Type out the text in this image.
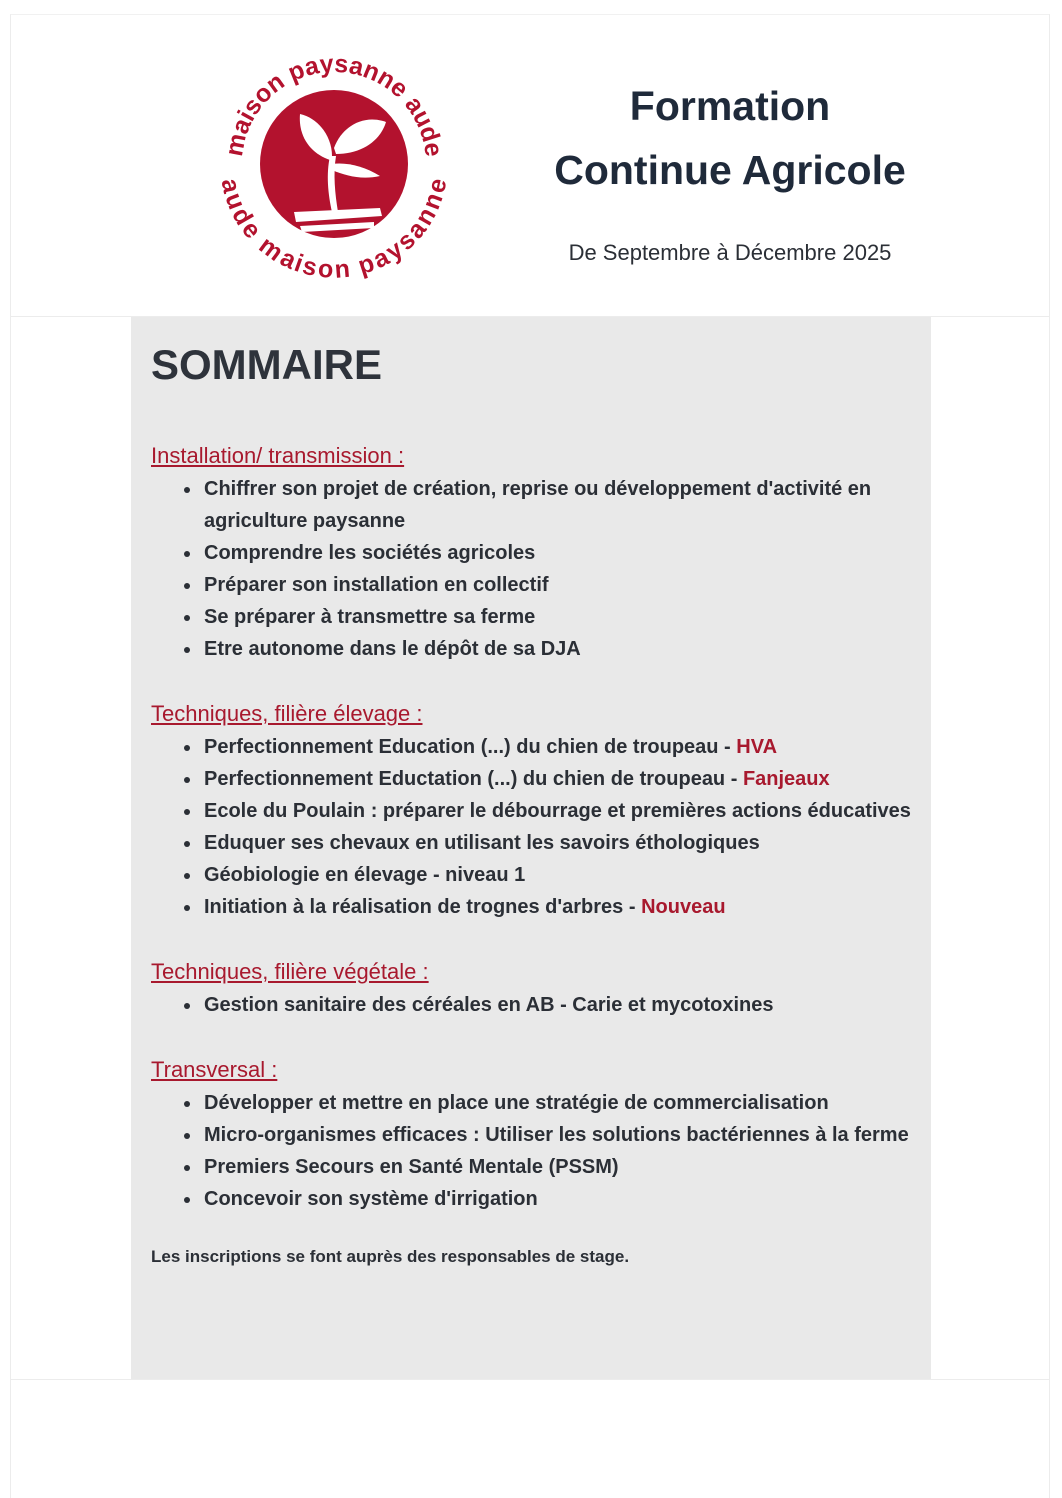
maison paysanne aude
aude maison paysanne
Formation
Continue Agricole
De Septembre à Décembre 2025
SOMMAIRE
Installation/ transmission :
Chiffrer son projet de création, reprise ou développement d'activité en agriculture paysanne
Comprendre les sociétés agricoles
Préparer son installation en collectif
Se préparer à transmettre sa ferme
Etre autonome dans le dépôt de sa DJA
Techniques, filière élevage :
Perfectionnement Education (...) du chien de troupeau - HVA
Perfectionnement Eductation (...) du chien de troupeau - Fanjeaux
Ecole du Poulain : préparer le débourrage et premières actions éducatives
Eduquer ses chevaux en utilisant les savoirs éthologiques
Géobiologie en élevage - niveau 1
Initiation à la réalisation de trognes d'arbres - Nouveau
Techniques, filière végétale :
Gestion sanitaire des céréales en AB - Carie et mycotoxines
Transversal :
Développer et mettre en place une stratégie de commercialisation
Micro-organismes efficaces : Utiliser les solutions bactériennes à la ferme
Premiers Secours en Santé Mentale (PSSM)
Concevoir son système d'irrigation
Les inscriptions se font auprès des responsables de stage.
